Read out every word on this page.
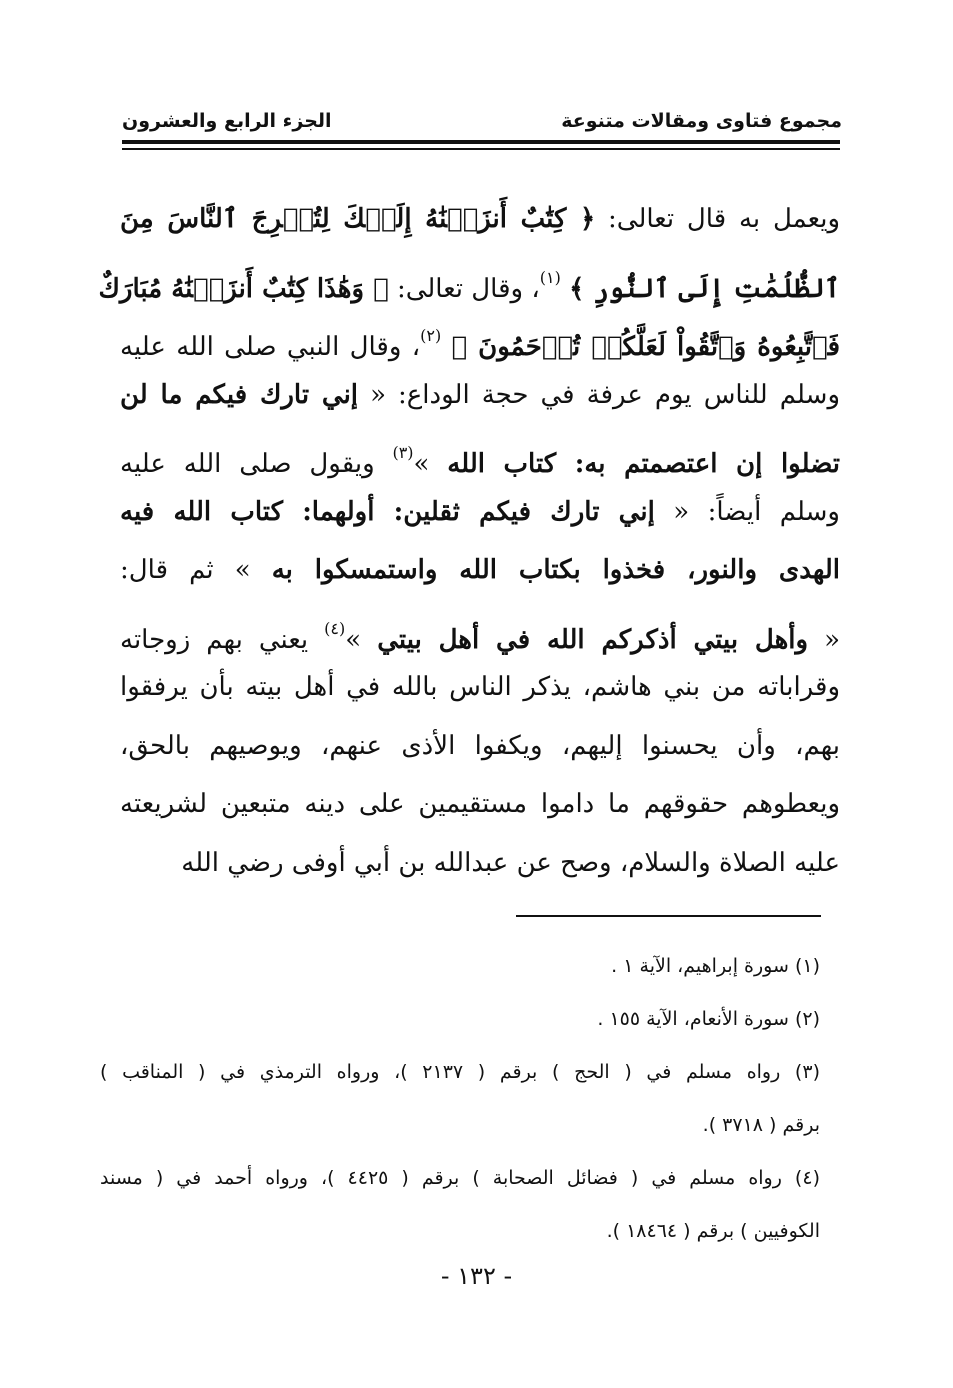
مجموع فتاوى ومقالات متنوعة
الجزء الرابع والعشرون
ويعمل به قال تعالى: ﴿ كِتَٰبٌ أَنزَلۡنَٰهُ إِلَيۡكَ لِتُخۡرِجَ ٱلنَّاسَ مِنَ
ٱلظُّلُمَٰتِ إِلَى ٱلنُّورِ ﴾ $^{(١)}$، وقال تعالى: ﴿ وَهَٰذَا كِتَٰبٌ أَنزَلۡنَٰهُ مُبَارَكٌ
فَٱتَّبِعُوهُ وَٱتَّقُواْ لَعَلَّكُمۡ تُرۡحَمُونَ ﴾ $^{(٢)}$، وقال النبي صلى الله عليه
وسلم للناس يوم عرفة في حجة الوداع: « إني تارك فيكم ما لن
تضلوا إن اعتصمتم به: كتاب الله »$^{(٣)}$ ويقول صلى الله عليه
وسلم أيضاً: « إني تارك فيكم ثقلين: أولهما: كتاب الله فيه
الهدى والنور، فخذوا بكتاب الله واستمسكوا به » ثم قال:
« وأهل بيتي أذكركم الله في أهل بيتي »$^{(٤)}$ يعني بهم زوجاته
وقراباته من بني هاشم، يذكر الناس بالله في أهل بيته بأن يرفقوا
بهم، وأن يحسنوا إليهم، ويكفوا الأذى عنهم، ويوصيهم بالحق،
ويعطوهم حقوقهم ما داموا مستقيمين على دينه متبعين لشريعته
عليه الصلاة والسلام، وصح عن عبدالله بن أبي أوفى رضي الله
(١) سورة إبراهيم، الآية ١ .
(٢) سورة الأنعام، الآية ١٥٥ .
(٣) رواه مسلم في ( الحج ) برقم ( ٢١٣٧ )، ورواه الترمذي في ( المناقب )
برقم ( ٣٧١٨ ).
(٤) رواه مسلم في ( فضائل الصحابة ) برقم ( ٤٤٢٥ )، ورواه أحمد في ( مسند
الكوفيين ) برقم ( ١٨٤٦٤ ).
- ١٣٢ -
